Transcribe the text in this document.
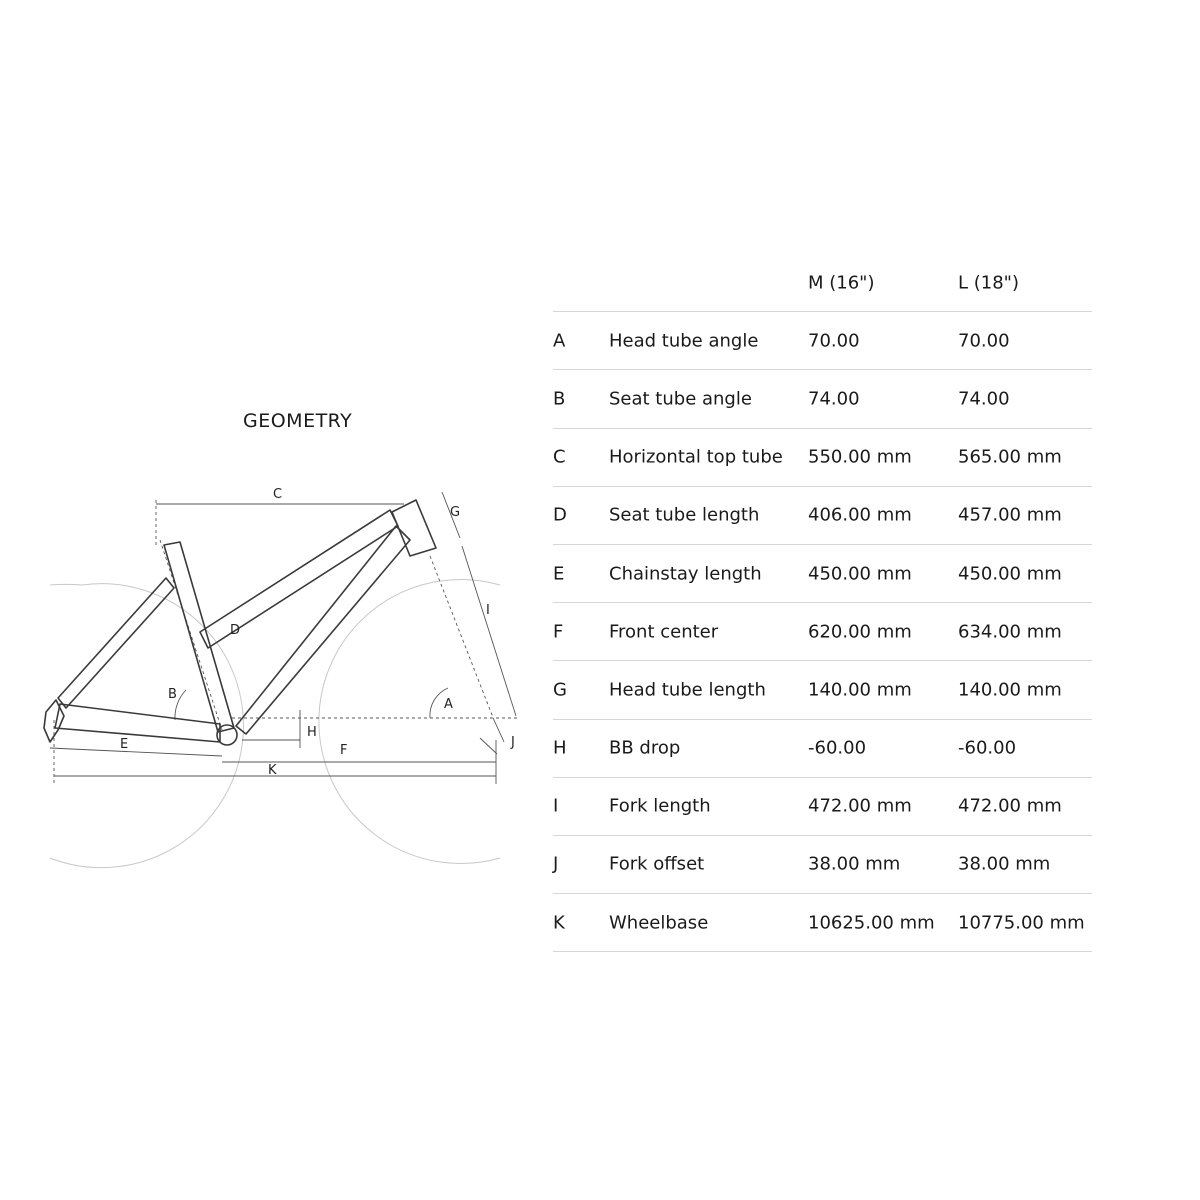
GEOMETRY
A
B
C
D
E	F
G
H
I
J
K
M (16")	L (18")
A Head tube angle	70.00	70.00
B Seat tube angle	74.00	74.00
C Horizontal top tube 550.00 mm	565.00 mm
D Seat tube length	406.00 mm	457.00 mm
E Chainstay length	450.00 mm	450.00 mm
F	Front center	620.00 mm	634.00 mm
G Head tube length 140.00 mm	140.00 mm
H BB drop	-60.00	-60.00
I	Fork length	472.00 mm	472.00 mm
J	Fork offset	38.00 mm	38.00 mm
K Wheelbase	10625.00 mm 10775.00 mm
